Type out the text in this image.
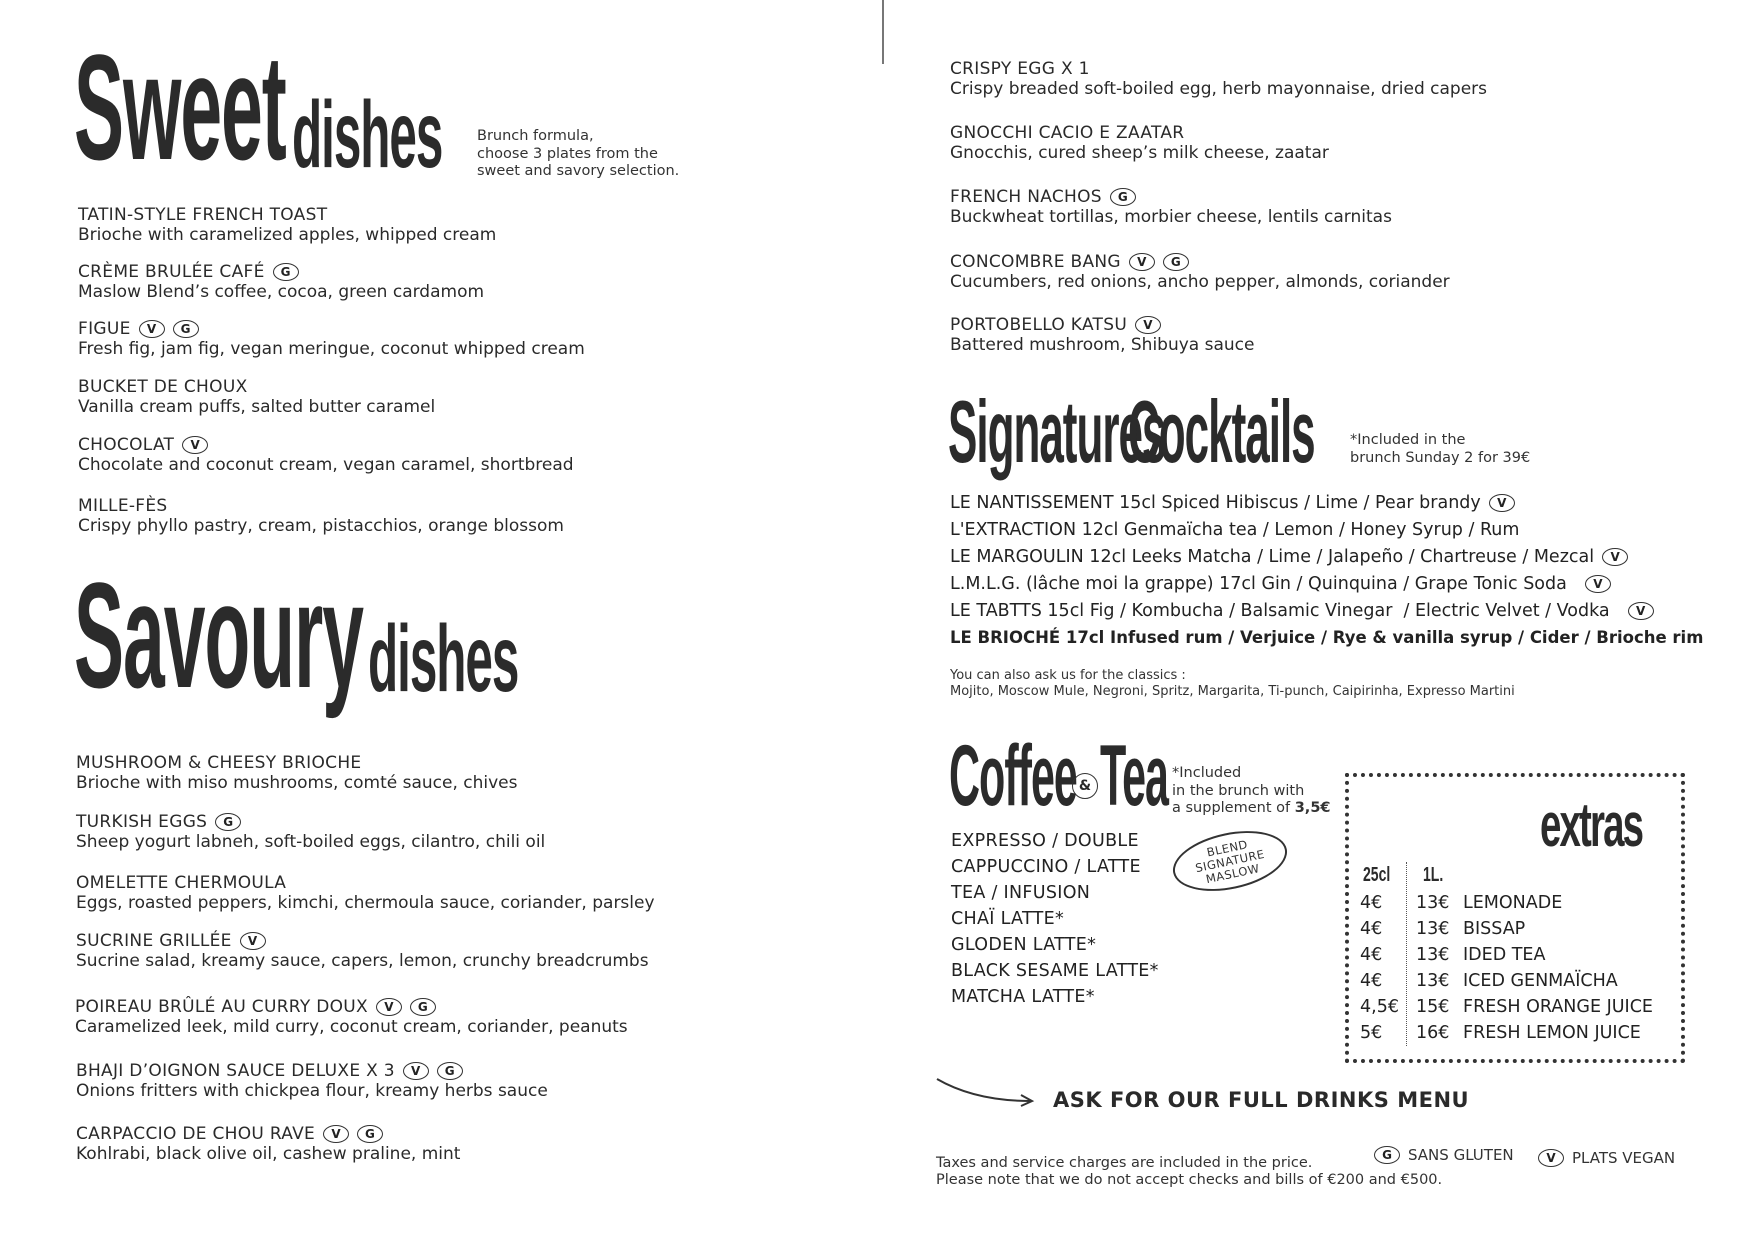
Sweet dishes	Brunch formula,
choose 3 plates from the
sweet and savory selection.
TATIN-STYLE FRENCH TOAST
Brioche with caramelized apples, whipped cream
CRÈME BRULÉE CAFÉ	G
Maslow Blend’s coffee, cocoa, green cardamom
FIGUE	V	G
Fresh fig, jam fig, vegan meringue, coconut whipped cream
BUCKET DE CHOUX
Vanilla cream puffs, salted butter caramel
CHOCOLAT	V
Chocolate and coconut cream, vegan caramel, shortbread
MILLE-FÈS
Crispy phyllo pastry, cream, pistacchios, orange blossom
Savoury dishes
MUSHROOM & CHEESY BRIOCHE
Brioche with miso mushrooms, comté sauce, chives
TURKISH EGGS	G
Sheep yogurt labneh, soft-boiled eggs, cilantro, chili oil
OMELETTE CHERMOULA
Eggs, roasted peppers, kimchi, chermoula sauce, coriander, parsley
SUCRINE GRILLÉE	V
Sucrine salad, kreamy sauce, capers, lemon, crunchy breadcrumbs
POIREAU BRÛLÉ AU CURRY DOUX	V	G
Caramelized leek, mild curry, coconut cream, coriander, peanuts
BHAJI D’OIGNON SAUCE DELUXE X 3	V	G
Onions fritters with chickpea flour, kreamy herbs sauce
CARPACCIO DE CHOU RAVE	V	G
Kohlrabi, black olive oil, cashew praline, mint
CRISPY EGG X 1
Crispy breaded soft-boiled egg, herb mayonnaise, dried capers
GNOCCHI CACIO E ZAATAR
Gnocchis, cured sheep’s milk cheese, zaatar
FRENCH NACHOS	G
Buckwheat tortillas, morbier cheese, lentils carnitas
CONCOMBRE BANG	V	G
Cucumbers, red onions, ancho pepper, almonds, coriander
PORTOBELLO KATSU	V
Battered mushroom, Shibuya sauce
Signatures
Cocktails	*Included in the
brunch Sunday 2 for 39€
LE NANTISSEMENT 15cl Spiced Hibiscus / Lime / Pear brandy	V
L'EXTRACTION 12cl Genmaïcha tea / Lemon / Honey Syrup / Rum
LE MARGOULIN 12cl Leeks Matcha / Lime / Jalapeño / Chartreuse / Mezcal	V
L.M.L.G. (lâche moi la grappe) 17cl Gin / Quinquina / Grape Tonic Soda	V
LE TABTTS 15cl Fig / Kombucha / Balsamic Vinegar  / Electric Velvet / Vodka	V
LE BRIOCHÉ 17cl Infused rum / Verjuice / Rye & vanilla syrup / Cider / Brioche rim
You can also ask us for the classics :
Mojito, Moscow Mule, Negroni, Spritz, Margarita, Ti-punch, Caipirinha, Expresso Martini
Coffee & Tea *Included
in the brunch with
a supplement of 3,5€
BLEND
SIGNATURE
MASLOW
EXPRESSO / DOUBLE
CAPPUCCINO / LATTE
TEA / INFUSION
CHAÏ LATTE*
GLODEN LATTE*
BLACK SESAME LATTE*
MATCHA LATTE*
extras
25cl 1L.
4€ 13€ LEMONADE
4€ 13€ BISSAP
4€ 13€ IDED TEA
4€ 13€ ICED GENMAÏCHA
4,5€ 15€ FRESH ORANGE JUICE
5€ 16€ FRESH LEMON JUICE
ASK FOR OUR FULL DRINKS MENU
Taxes and service charges are included in the price.
Please note that we do not accept checks and bills of €200 and €500.
G	SANS GLUTEN	V	PLATS VEGAN
